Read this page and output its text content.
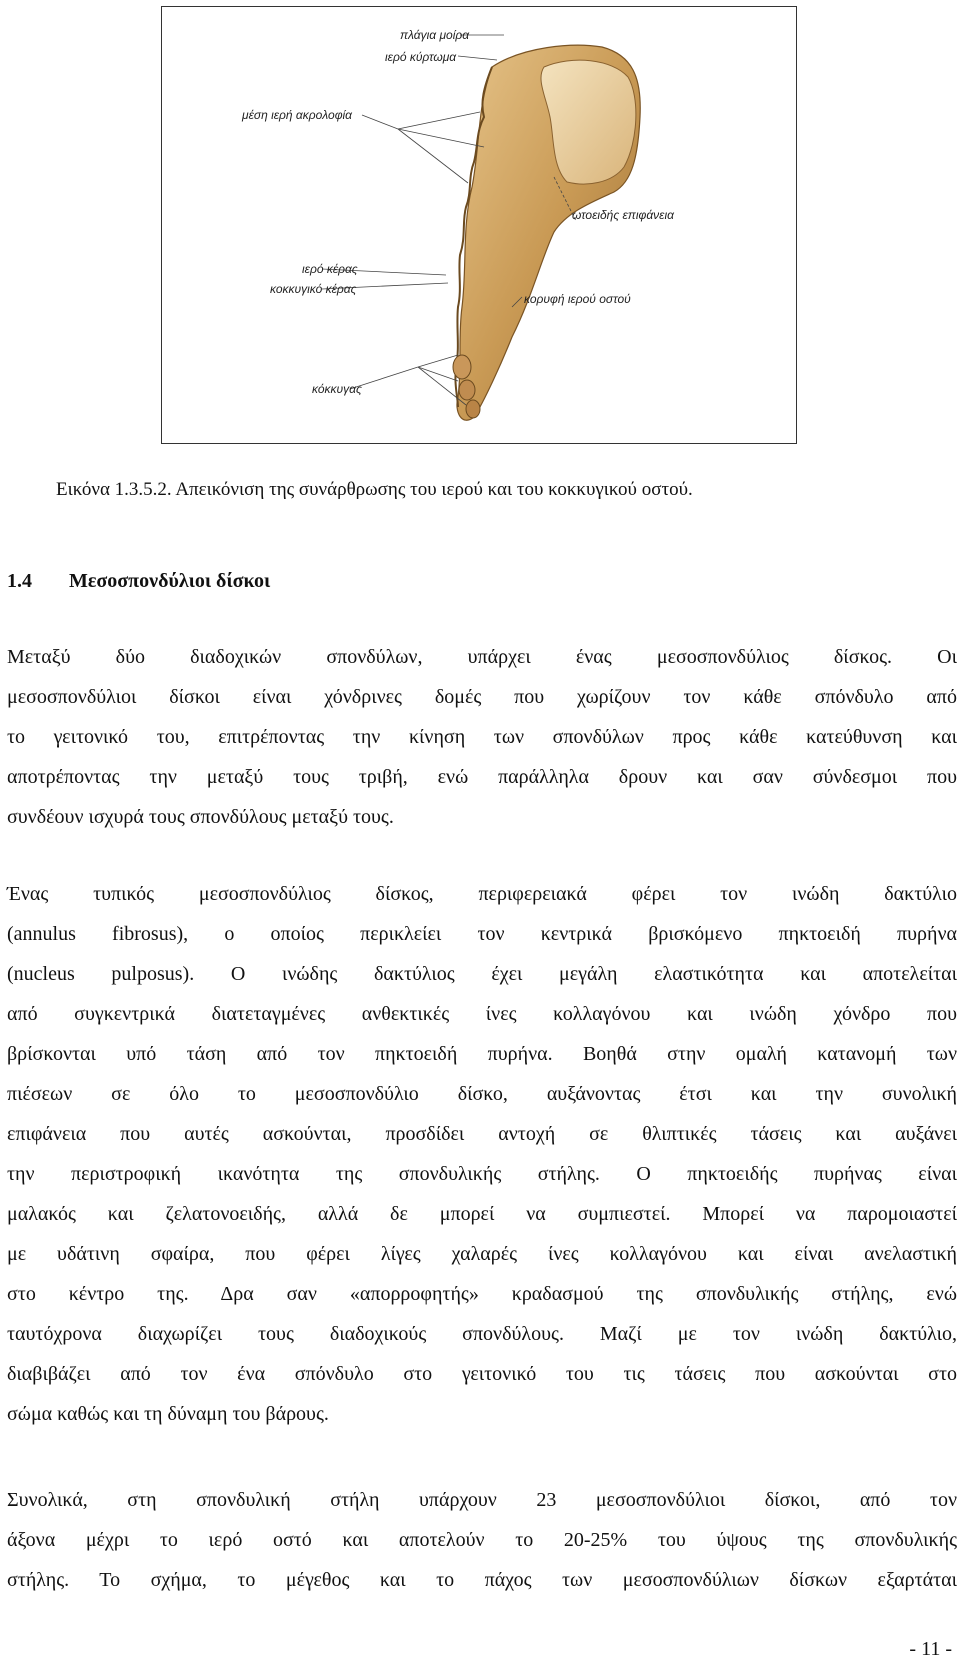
πλάγια μοίρα
ιερό κύρτωμα
μέση ιερή ακρολοφία
ωτοειδής επιφάνεια
ιερό κέρας
κοκκυγικό κέρας
κορυφή ιερού οστού
κόκκυγας
Εικόνα 1.3.5.2. Απεικόνιση της συνάρθρωσης του ιερού και του κοκκυγικού οστού.
1.4 Μεσοσπονδύλιοι δίσκοι
Μεταξύ δύο διαδοχικών σπονδύλων, υπάρχει ένας μεσοσπονδύλιος δίσκος. Οι
μεσοσπονδύλιοι δίσκοι είναι χόνδρινες δομές που χωρίζουν τον κάθε σπόνδυλο από
το γειτονικό του, επιτρέποντας την κίνηση των σπονδύλων προς κάθε κατεύθυνση και
αποτρέποντας την μεταξύ τους τριβή, ενώ παράλληλα δρουν και σαν σύνδεσμοι που
συνδέουν ισχυρά τους σπονδύλους μεταξύ τους.
Ένας τυπικός μεσοσπονδύλιος δίσκος, περιφερειακά φέρει τον ινώδη δακτύλιο
(annulus fibrosus), ο οποίος περικλείει τον κεντρικά βρισκόμενο πηκτοειδή πυρήνα
(nucleus pulposus). Ο ινώδης δακτύλιος έχει μεγάλη ελαστικότητα και αποτελείται
από συγκεντρικά διατεταγμένες ανθεκτικές ίνες κολλαγόνου και ινώδη χόνδρο που
βρίσκονται υπό τάση από τον πηκτοειδή πυρήνα. Βοηθά στην ομαλή κατανομή των
πιέσεων σε όλο το μεσοσπονδύλιο δίσκο, αυξάνοντας έτσι και την συνολική
επιφάνεια που αυτές ασκούνται, προσδίδει αντοχή σε θλιπτικές τάσεις και αυξάνει
την περιστροφική ικανότητα της σπονδυλικής στήλης. Ο πηκτοειδής πυρήνας είναι
μαλακός και ζελατονοειδής, αλλά δε μπορεί να συμπιεστεί. Μπορεί να παρομοιαστεί
με υδάτινη σφαίρα, που φέρει λίγες χαλαρές ίνες κολλαγόνου και είναι ανελαστική
στο κέντρο της. Δρα σαν «απορροφητής» κραδασμού της σπονδυλικής στήλης, ενώ
ταυτόχρονα διαχωρίζει τους διαδοχικούς σπονδύλους. Μαζί με τον ινώδη δακτύλιο,
διαβιβάζει από τον ένα σπόνδυλο στο γειτονικό του τις τάσεις που ασκούνται στο
σώμα καθώς και τη δύναμη του βάρους.
Συνολικά, στη σπονδυλική στήλη υπάρχουν 23 μεσοσπονδύλιοι δίσκοι, από τον
άξονα μέχρι το ιερό οστό και αποτελούν το 20-25% του ύψους της σπονδυλικής
στήλης. Το σχήμα, το μέγεθος και το πάχος των μεσοσπονδύλιων δίσκων εξαρτάται
- 11 -
